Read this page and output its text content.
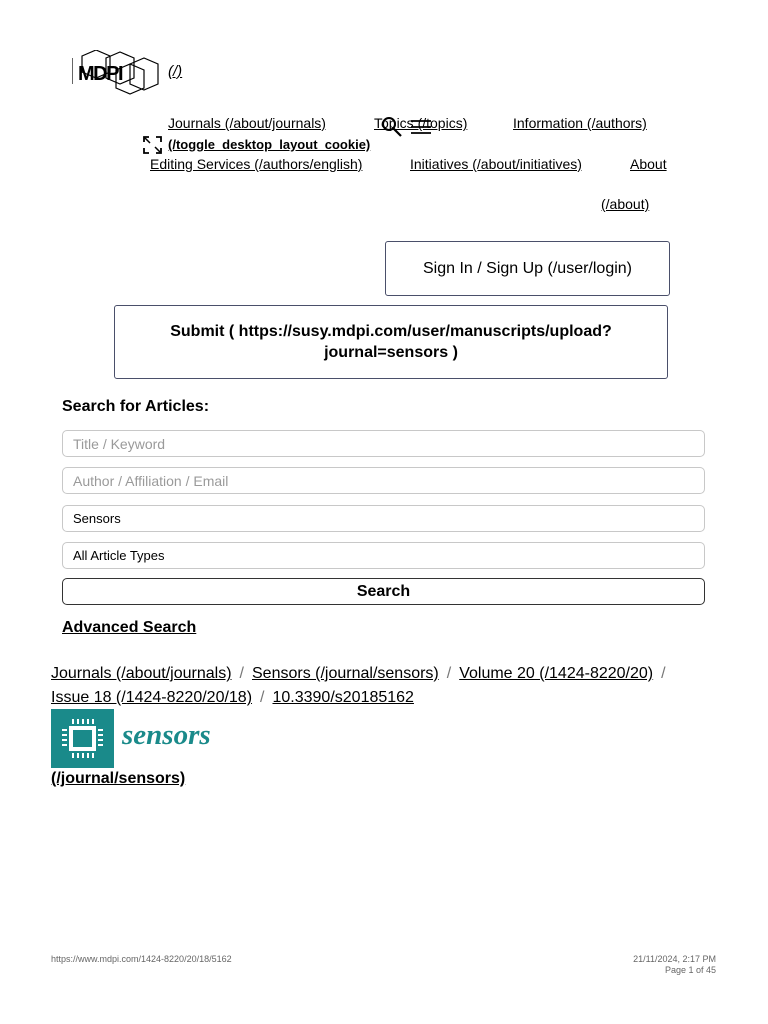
MDPI	(/)
Journals (/about/journals)	Topics (/topics)	Information (/authors)
(/toggle_desktop_layout_cookie)
Editing Services (/authors/english)	Initiatives (/about/initiatives)	About
(/about)
Sign In / Sign Up (/user/login)
Submit ( https://susy.mdpi.com/user/manuscripts/upload?journal=sensors )
Search for Articles:
Title / Keyword
Author / Affiliation / Email
Sensors
All Article Types
Search
Advanced Search
Journals (/about/journals) / Sensors (/journal/sensors) / Volume 20 (/1424-8220/20) /
Issue 18 (/1424-8220/20/18) / 10.3390/s20185162
sensors
(/journal/sensors)
https://www.mdpi.com/1424-8220/20/18/5162	21/11/2024, 2:17 PM
Page 1 of 45
